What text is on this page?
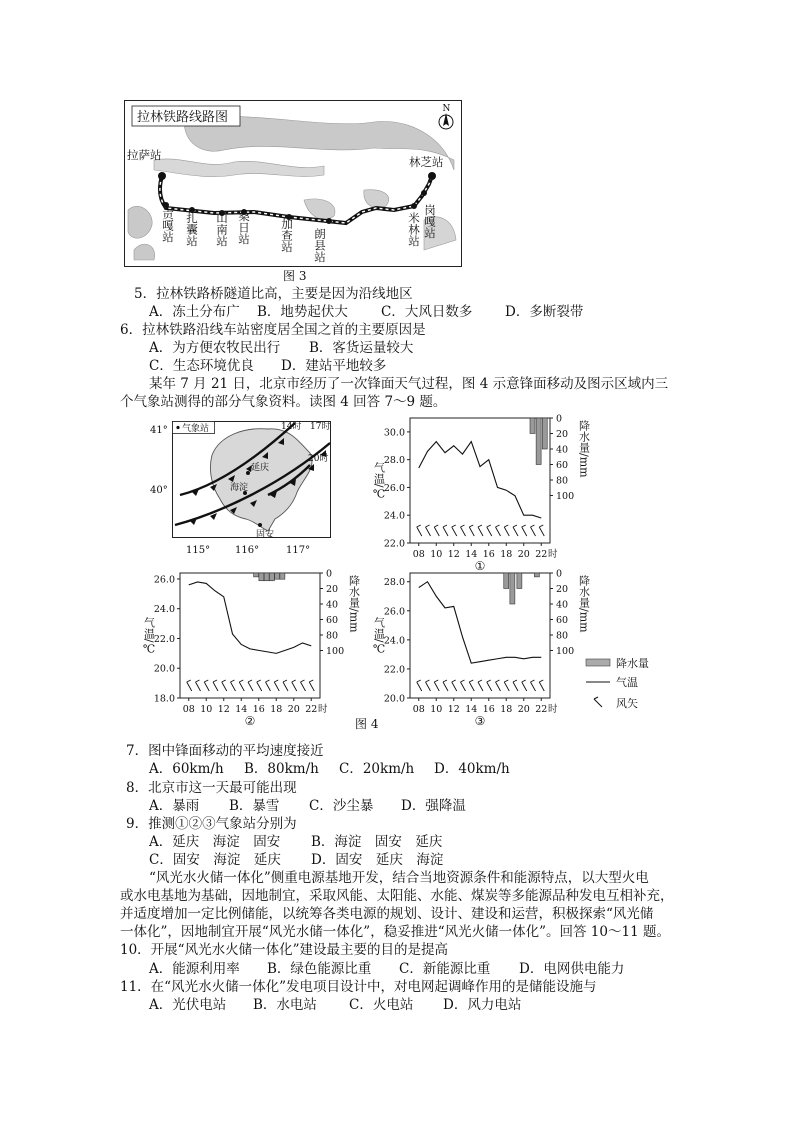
拉林铁路线路图
N
拉萨站	林芝站
贡嘎站 扎囊站 山南站 桑日站	加查站 朗县站	米林站 岗嘎站
图 3
5．拉林铁路桥隧道比高，主要是因为沿线地区
A．冻土分布广 B．地势起伏大 C．大风日数多 D．多断裂带
6．拉林铁路沿线车站密度居全国之首的主要原因是
A．为方便农牧民出行 B．客货运量较大
C．生态环境优良 D．建站平地较多
某年 7 月 21 日，北京市经历了一次锋面天气过程，图 4 示意锋面移动及图示区域内三
个气象站测得的部分气象资料。读图 4 回答 7～9 题。
气象站
延庆
海淀
固安
14时 17时
20时
41°
40°
115° 116°	117°
22.0
24.0
26.0
28.0
30.0
0
20
40
60
80
100
08 10 12 14 16 18 20 22 时
气温/℃
降水量/mm
①
18.0
20.0
22.0
24.0
26.0
0
20
40
60
80
100
08 10 12 14 16 18 20 22 时
气温/℃
降水量/mm
②
20.0
22.0
24.0
26.0
28.0
0
20
40
60
80
100
08 10 12 14 16 18 20 22 时
气温/℃
降水量/mm
③
降水量
气温
风矢
图 4
7．图中锋面移动的平均速度接近
A．60km/h B．80km/h C．20km/h D．40km/h
8．北京市这一天最可能出现
A．暴雨 B．暴雪 C．沙尘暴 D．强降温
9．推测①②③气象站分别为
A．延庆　海淀　固安 B．海淀　固安　延庆
C．固安　海淀　延庆 D．固安　延庆　海淀
“风光水火储一体化”侧重电源基地开发，结合当地资源条件和能源特点，以大型火电
或水电基地为基础，因地制宜，采取风能、太阳能、水能、煤炭等多能源品种发电互相补充，
并适度增加一定比例储能，以统筹各类电源的规划、设计、建设和运营，积极探索“风光储
一体化”，因地制宜开展“风光水储一体化”，稳妥推进“风光火储一体化”。回答 10～11 题。
10．开展“风光水火储一体化”建设最主要的目的是提高
A．能源利用率 B．绿色能源比重 C．新能源比重 D．电网供电能力
11．在“风光水火储一体化”发电项目设计中，对电网起调峰作用的是储能设施与
A．光伏电站 B．水电站 C．火电站 D．风力电站
